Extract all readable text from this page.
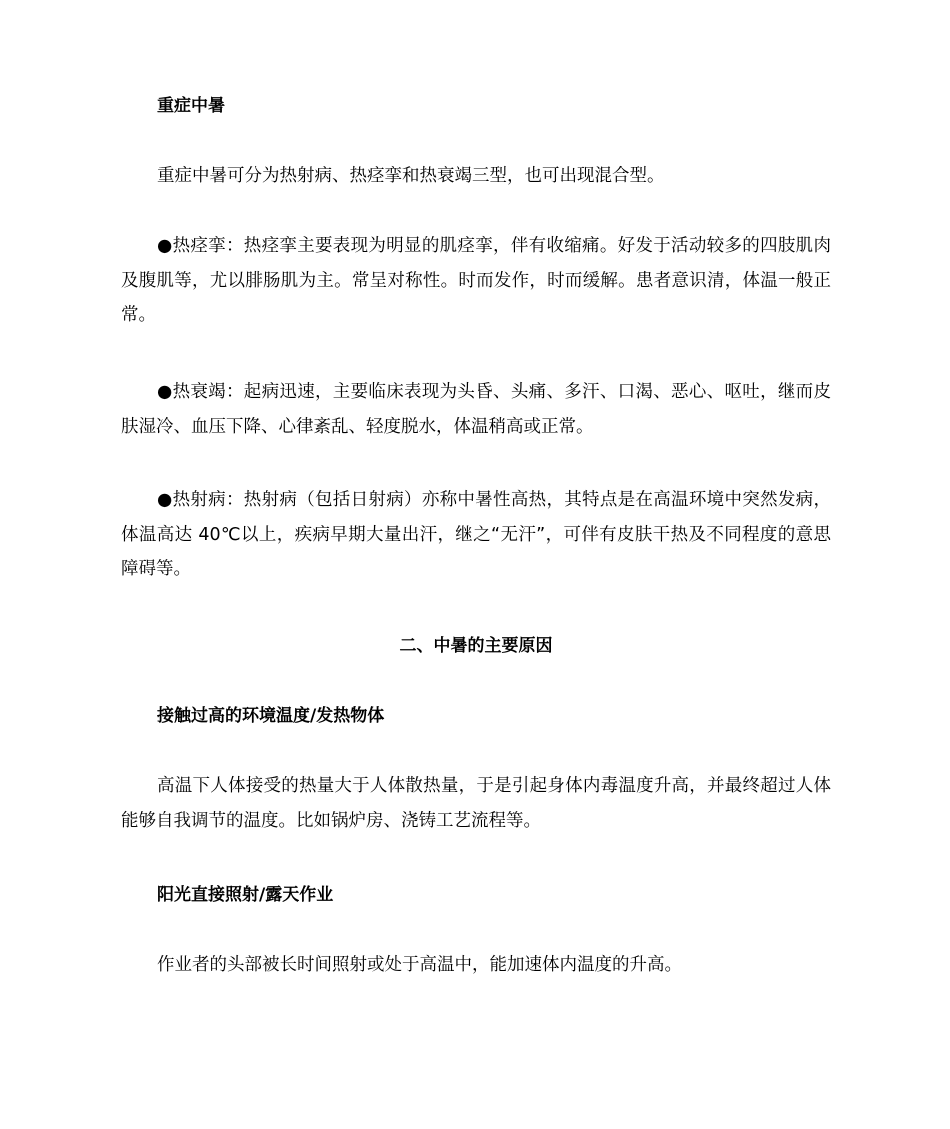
重症中暑

重症中暑可分为热射病、热痉挛和热衰竭三型，也可出现混合型。

●热痉挛：热痉挛主要表现为明显的肌痉挛，伴有收缩痛。好发于活动较多的四肢肌肉及腹肌等，尤以腓肠肌为主。常呈对称性。时而发作，时而缓解。患者意识清，体温一般正常。

●热衰竭：起病迅速，主要临床表现为头昏、头痛、多汗、口渴、恶心、呕吐，继而皮肤湿冷、血压下降、心律紊乱、轻度脱水，体温稍高或正常。

●热射病：热射病（包括日射病）亦称中暑性高热，其特点是在高温环境中突然发病，体温高达 40℃以上，疾病早期大量出汗，继之“无汗”，可伴有皮肤干热及不同程度的意思障碍等。

二、中暑的主要原因

接触过高的环境温度/发热物体

高温下人体接受的热量大于人体散热量，于是引起身体内毒温度升高，并最终超过人体能够自我调节的温度。比如锅炉房、浇铸工艺流程等。

阳光直接照射/露天作业

作业者的头部被长时间照射或处于高温中，能加速体内温度的升高。
